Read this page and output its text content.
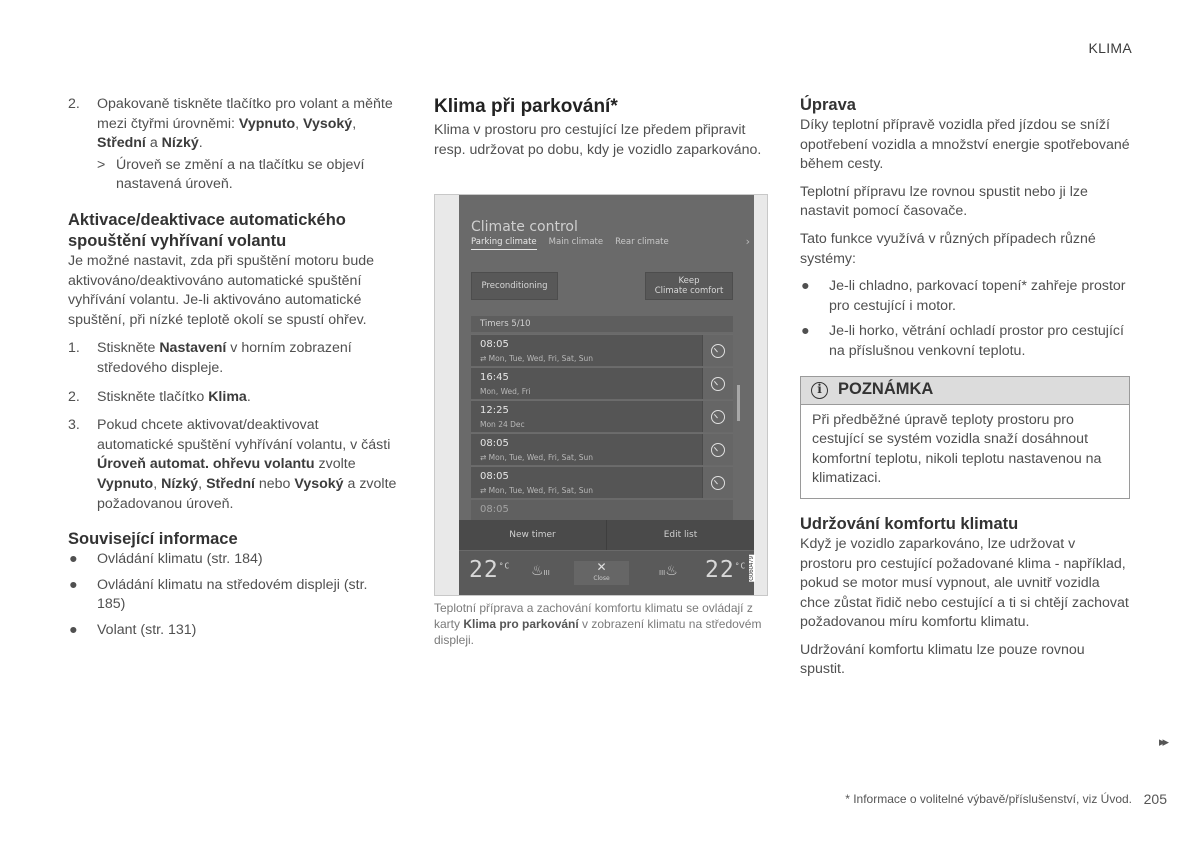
KLIMA
2. Opakovaně tiskněte tlačítko pro volant a měňte mezi čtyřmi úrovněmi: Vypnuto, Vysoký, Střední a Nízký.
> Úroveň se změní a na tlačítku se objeví nastavená úroveň.
Aktivace/deaktivace automatického spouštění vyhřívaní volantu

Je možné nastavit, zda při spuštění motoru bude aktivováno/deaktivováno automatické spuštění vyhřívání volantu. Je-li aktivováno automatické spuštění, při nízké teplotě okolí se spustí ohřev.

1. Stiskněte Nastavení v horním zobrazení středového displeje.
2. Stiskněte tlačítko Klima.
3. Pokud chcete aktivovat/deaktivovat automatické spuštění vyhřívání volantu, v části Úroveň automat. ohřevu volantu zvolte Vypnuto, Nízký, Střední nebo Vysoký a zvolte požadovanou úroveň.
Související informace
● Ovládání klimatu (str. 184)
● Ovládání klimatu na středovém displeji (str. 185)
● Volant (str. 131)
Klima při parkování*

Klima v prostoru pro cestující lze předem připravit resp. udržovat po dobu, kdy je vozidlo zaparkováno.

Climate control
Parking climate Main climate Rear climate	›
Preconditioning	Keep
Climate comfort
Timers 5/10
08:05
⇄ Mon, Tue, Wed, Fri, Sat, Sun
16:45
Mon, Wed, Fri
12:25
Mon 24 Dec
08:05
⇄ Mon, Tue, Wed, Fri, Sat, Sun
08:05
⇄ Mon, Tue, Wed, Fri, Sat, Sun
08:05
New timer	Edit list
$22^{^\circ C}$ ♨III	✕
Close
III♨ $22^{^\circ C}$ G060479
Teplotní příprava a zachování komfortu klimatu se ovládají z karty Klima pro parkování v zobrazení klimatu na středovém displeji.
Úprava

Díky teplotní přípravě vozidla před jízdou se sníží opotřebení vozidla a množství energie spotřebované během cesty.

Teplotní přípravu lze rovnou spustit nebo ji lze nastavit pomocí časovače.

Tato funkce využívá v různých případech různé systémy:

● Je-li chladno, parkovací topení* zahřeje prostor pro cestující i motor.
● Je-li horko, větrání ochladí prostor pro cestující na příslušnou venkovní teplotu.
i POZNÁMKA
Při předběžné úpravě teploty prostoru pro cestující se systém vozidla snaží dosáhnout komfortní teplotu, nikoli teplotu nastavenou na klimatizaci.
Udržování komfortu klimatu

Když je vozidlo zaparkováno, lze udržovat v prostoru pro cestující požadované klima - například, pokud se motor musí vypnout, ale uvnitř vozidla chce zůstat řidič nebo cestující a ti si chtějí zachovat požadovanou míru komfortu klimatu.

Udržování komfortu klimatu lze pouze rovnou spustit.

▸▸
* Informace o volitelné výbavě/příslušenství, viz Úvod. 205
